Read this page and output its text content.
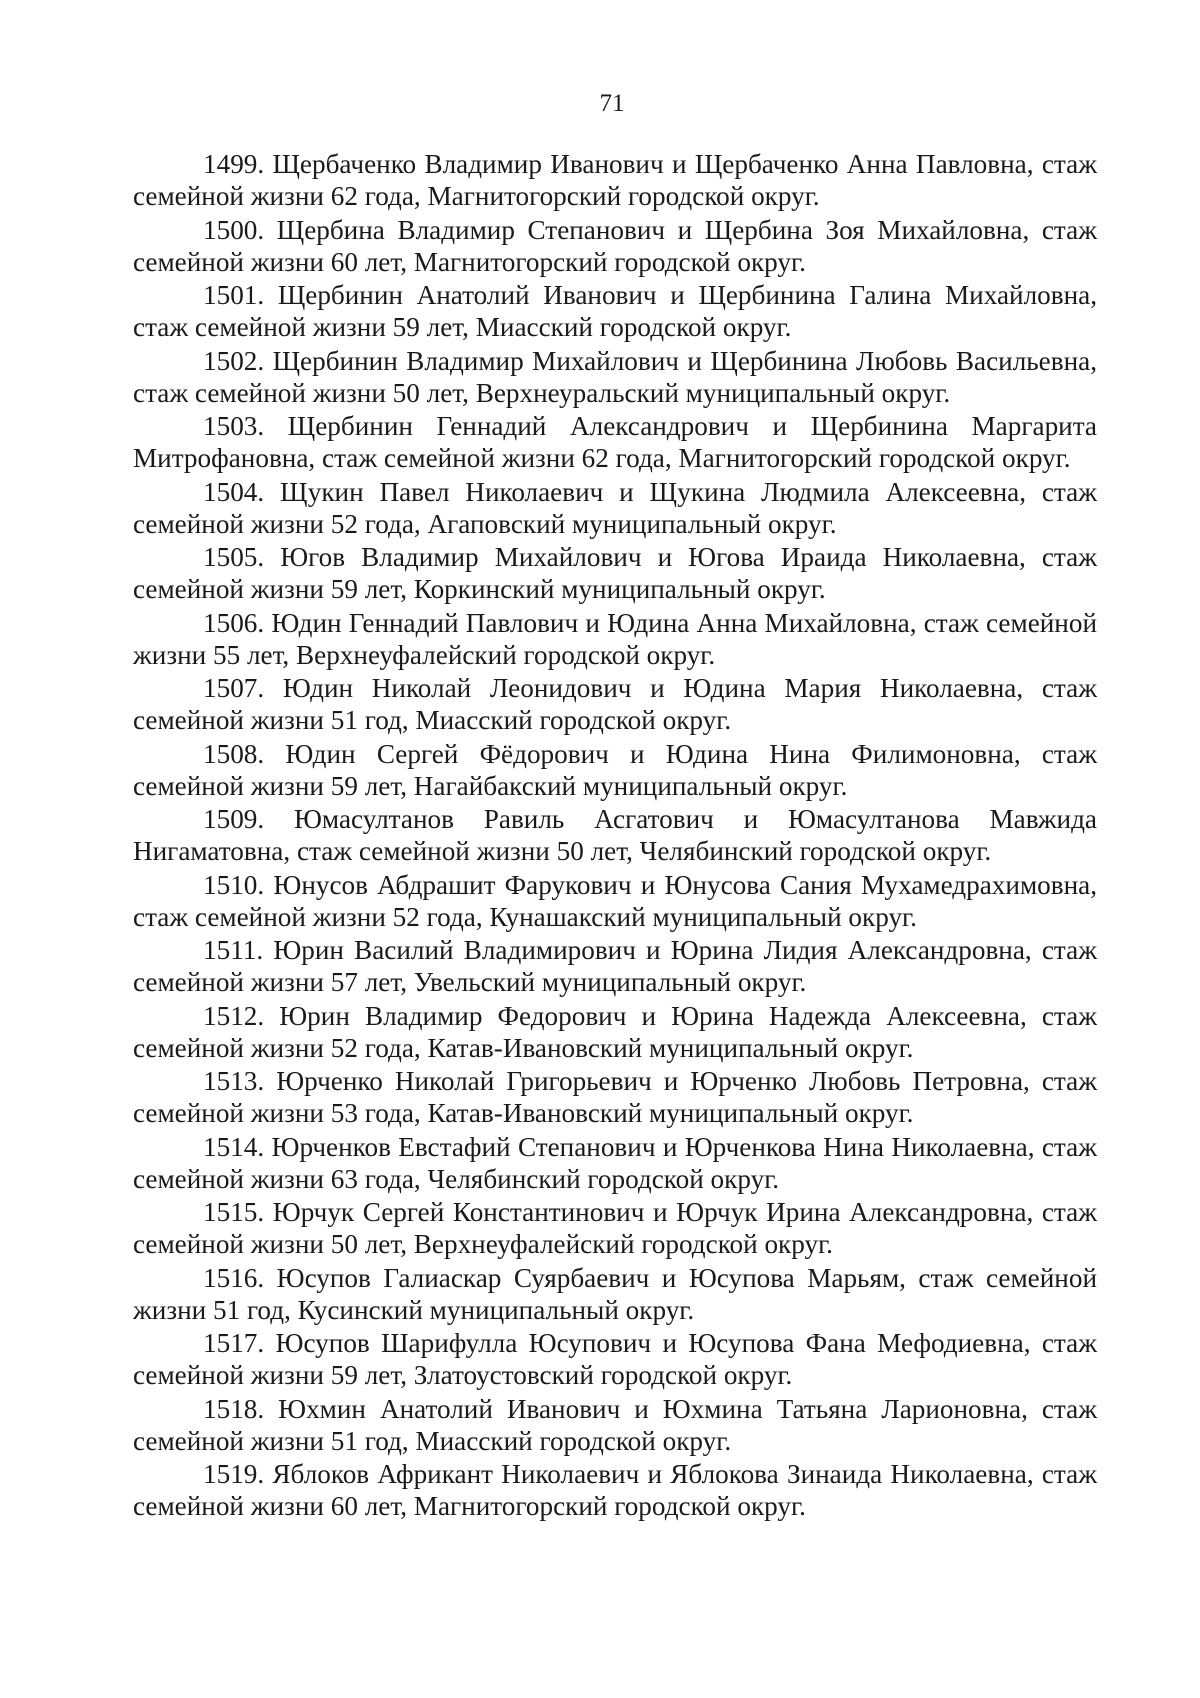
71

1499. Щербаченко Владимир Иванович и Щербаченко Анна Павловна, стаж семейной жизни 62 года, Магнитогорский городской округ.

1500. Щербина Владимир Степанович и Щербина Зоя Михайловна, стаж семейной жизни 60 лет, Магнитогорский городской округ.

1501. Щербинин Анатолий Иванович и Щербинина Галина Михайловна, стаж семейной жизни 59 лет, Миасский городской округ.

1502. Щербинин Владимир Михайлович и Щербинина Любовь Васильевна, стаж семейной жизни 50 лет, Верхнеуральский муниципальный округ.

1503. Щербинин Геннадий Александрович и Щербинина Маргарита Митрофановна, стаж семейной жизни 62 года, Магнитогорский городской округ.

1504. Щукин Павел Николаевич и Щукина Людмила Алексеевна, стаж семейной жизни 52 года, Агаповский муниципальный округ.

1505. Югов Владимир Михайлович и Югова Ираида Николаевна, стаж семейной жизни 59 лет, Коркинский муниципальный округ.

1506. Юдин Геннадий Павлович и Юдина Анна Михайловна, стаж семейной жизни 55 лет, Верхнеуфалейский городской округ.

1507. Юдин Николай Леонидович и Юдина Мария Николаевна, стаж семейной жизни 51 год, Миасский городской округ.

1508. Юдин Сергей Фёдорович и Юдина Нина Филимоновна, стаж семейной жизни 59 лет, Нагайбакский муниципальный округ.

1509. Юмасултанов Равиль Асгатович и Юмасултанова Мавжида Нигаматовна, стаж семейной жизни 50 лет, Челябинский городской округ.

1510. Юнусов Абдрашит Фарукович и Юнусова Сания Мухамедрахимовна, стаж семейной жизни 52 года, Кунашакский муниципальный округ.

1511. Юрин Василий Владимирович и Юрина Лидия Александровна, стаж семейной жизни 57 лет, Увельский муниципальный округ.

1512. Юрин Владимир Федорович и Юрина Надежда Алексеевна, стаж семейной жизни 52 года, Катав-Ивановский муниципальный округ.

1513. Юрченко Николай Григорьевич и Юрченко Любовь Петровна, стаж семейной жизни 53 года, Катав-Ивановский муниципальный округ.

1514. Юрченков Евстафий Степанович и Юрченкова Нина Николаевна, стаж семейной жизни 63 года, Челябинский городской округ.

1515. Юрчук Сергей Константинович и Юрчук Ирина Александровна, стаж семейной жизни 50 лет, Верхнеуфалейский городской округ.

1516. Юсупов Галиаскар Суярбаевич и Юсупова Марьям, стаж семейной жизни 51 год, Кусинский муниципальный округ.

1517. Юсупов Шарифулла Юсупович и Юсупова Фана Мефодиевна, стаж семейной жизни 59 лет, Златоустовский городской округ.

1518. Юхмин Анатолий Иванович и Юхмина Татьяна Ларионовна, стаж семейной жизни 51 год, Миасский городской округ.

1519. Яблоков Африкант Николаевич и Яблокова Зинаида Николаевна, стаж семейной жизни 60 лет, Магнитогорский городской округ.
